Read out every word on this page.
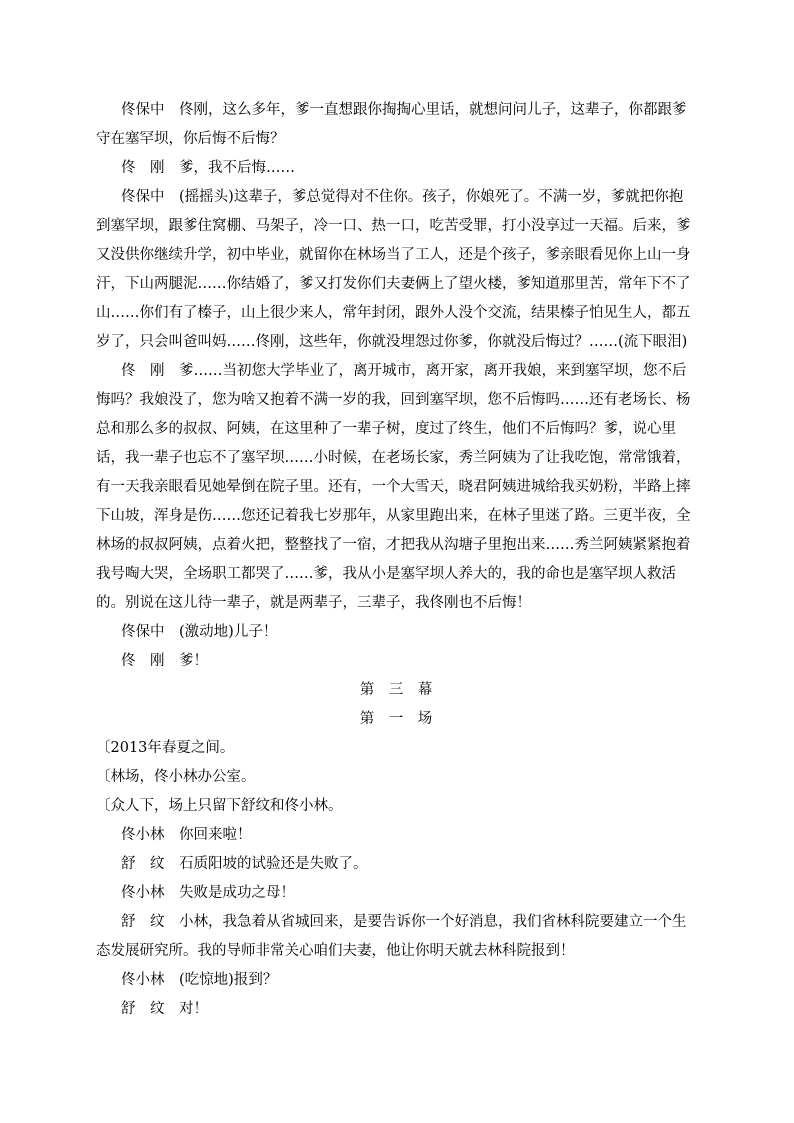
佟保中　佟刚，这么多年，爹一直想跟你掏掏心里话，就想问问儿子，这辈子，你都跟爹守在塞罕坝，你后悔不后悔？

佟　刚　爹，我不后悔……

佟保中　(摇摇头)这辈子，爹总觉得对不住你。孩子，你娘死了。不满一岁，爹就把你抱到塞罕坝，跟爹住窝棚、马架子，冷一口、热一口，吃苦受罪，打小没享过一天福。后来，爹又没供你继续升学，初中毕业，就留你在林场当了工人，还是个孩子，爹亲眼看见你上山一身汗，下山两腿泥……你结婚了，爹又打发你们夫妻俩上了望火楼，爹知道那里苦，常年下不了山……你们有了榛子，山上很少来人，常年封闭，跟外人没个交流，结果榛子怕见生人，都五岁了，只会叫爸叫妈……佟刚，这些年，你就没埋怨过你爹，你就没后悔过？……(流下眼泪)

佟　刚　爹……当初您大学毕业了，离开城市，离开家，离开我娘，来到塞罕坝，您不后悔吗？我娘没了，您为啥又抱着不满一岁的我，回到塞罕坝，您不后悔吗……还有老场长、杨总和那么多的叔叔、阿姨，在这里种了一辈子树，度过了终生，他们不后悔吗？爹，说心里话，我一辈子也忘不了塞罕坝……小时候，在老场长家，秀兰阿姨为了让我吃饱，常常饿着，有一天我亲眼看见她晕倒在院子里。还有，一个大雪天，晓君阿姨进城给我买奶粉，半路上摔下山坡，浑身是伤……您还记着我七岁那年，从家里跑出来，在林子里迷了路。三更半夜，全林场的叔叔阿姨，点着火把，整整找了一宿，才把我从沟塘子里抱出来……秀兰阿姨紧紧抱着我号啕大哭，全场职工都哭了……爹，我从小是塞罕坝人养大的，我的命也是塞罕坝人救活的。别说在这儿待一辈子，就是两辈子，三辈子，我佟刚也不后悔！

佟保中　(激动地)儿子！

佟　刚　爹！

第　三　幕

第　一　场

〔2013年春夏之间。

〔林场，佟小林办公室。

〔众人下，场上只留下舒纹和佟小林。

佟小林　你回来啦！

舒　纹　石质阳坡的试验还是失败了。

佟小林　失败是成功之母！

舒　纹　小林，我急着从省城回来，是要告诉你一个好消息，我们省林科院要建立一个生态发展研究所。我的导师非常关心咱们夫妻，他让你明天就去林科院报到！

佟小林　(吃惊地)报到？

舒　纹　对！
